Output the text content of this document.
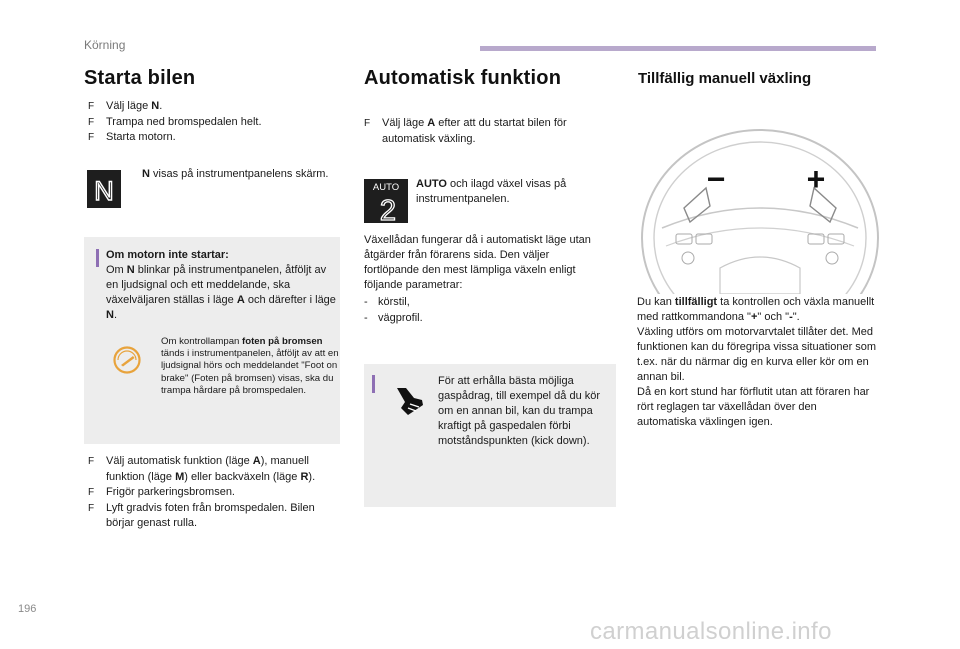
Körning
Starta bilen
F Välj läge N.
F Trampa ned bromspedalen helt.
F Starta motorn.
N
N visas på instrumentpanelens skärm.
Om motorn inte startar:
Om N blinkar på instrumentpanelen, åtföljt av en ljudsignal och ett meddelande, ska växelväljaren ställas i läge A och därefter i läge N.
Om kontrollampan foten på bromsen tänds i instrumentpanelen, åtföljt av att en ljudsignal hörs och meddelandet "Foot on brake" (Foten på bromsen) visas, ska du trampa hårdare på bromspedalen.
F Välj automatisk funktion (läge A), manuell funktion (läge M) eller backväxeln (läge R).
F Frigör parkeringsbromsen.
F Lyft gradvis foten från bromspedalen. Bilen börjar genast rulla.
Automatisk funktion
F Välj läge A efter att du startat bilen för automatisk växling.
AUTO
2
AUTO och ilagd växel visas på instrumentpanelen.
Växellådan fungerar då i automatiskt läge utan åtgärder från förarens sida. Den väljer fortlöpande den mest lämpliga växeln enligt följande parametrar:
- körstil,
- vägprofil.
För att erhålla bästa möjliga gaspådrag, till exempel då du kör om en annan bil, kan du trampa kraftigt på gaspedalen förbi motståndspunkten (kick down).
Tillfällig manuell växling
−	+
Du kan tillfälligt ta kontrollen och växla manuellt med rattkommandona "+" och "-".
Växling utförs om motorvarvtalet tillåter det. Med funktionen kan du föregripa vissa situationer som t.ex. när du närmar dig en kurva eller kör om en annan bil.
Då en kort stund har förflutit utan att föraren har rört reglagen tar växellådan över den automatiska växlingen igen.
196
carmanualsonline.info
